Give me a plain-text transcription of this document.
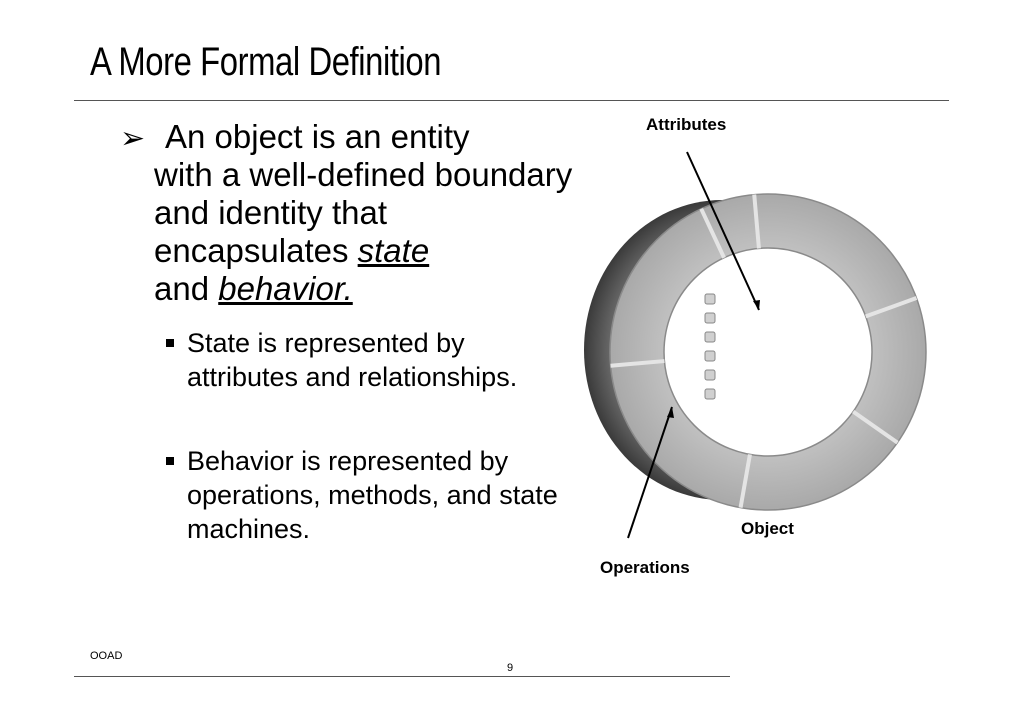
A More Formal Definition
➢ An object is an entity
with a well-defined boundary and identity that encapsulates state
and behavior.
State is represented by attributes and relationships.
Behavior is represented by operations, methods, and state machines.
Attributes
Object
Operations
OOAD
9
